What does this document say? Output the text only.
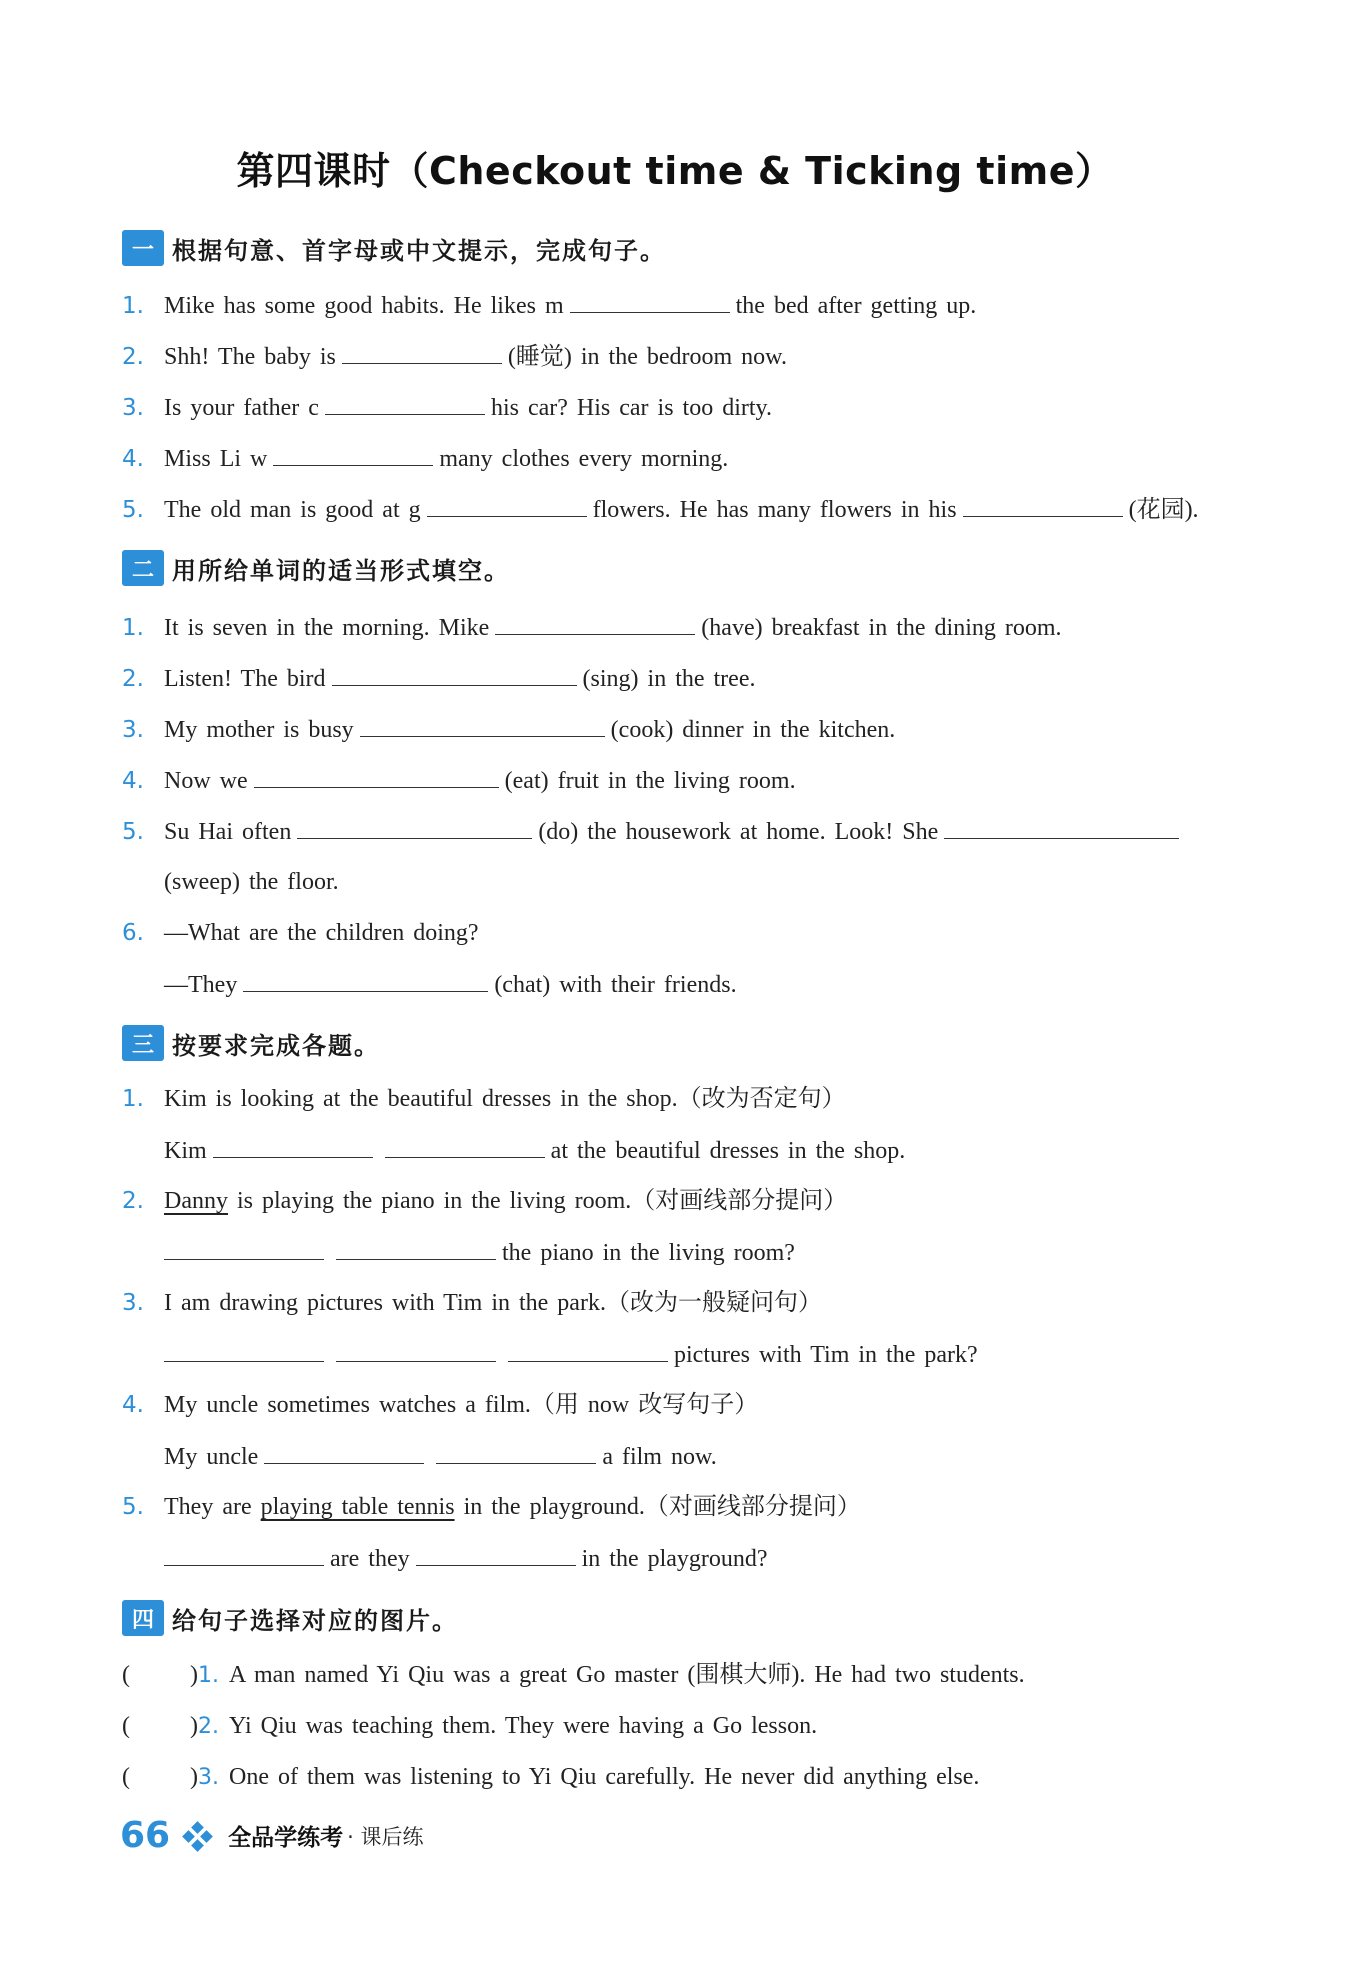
第四课时（Checkout time & Ticking time）
一 根据句意、首字母或中文提示，完成句子。
1. Mike has some good habits. He likes m	the bed after getting up.
2. Shh! The baby is	(睡觉) in the bedroom now.
3. Is your father c	his car? His car is too dirty.
4. Miss Li w	many clothes every morning.
5. The old man is good at g	flowers. He has many flowers in his	(花园).
二 用所给单词的适当形式填空。
1. It is seven in the morning. Mike	(have) breakfast in the dining room.
2. Listen! The bird	(sing) in the tree.
3. My mother is busy	(cook) dinner in the kitchen.
4. Now we	(eat) fruit in the living room.
5. Su Hai often	(do) the housework at home. Look! She
(sweep) the floor.
6. —What are the children doing?
—They	(chat) with their friends.
三 按要求完成各题。
1. Kim is looking at the beautiful dresses in the shop.（改为否定句）
Kim	at the beautiful dresses in the shop.
2. Danny is playing the piano in the living room.（对画线部分提问）
the piano in the living room?
3. I am drawing pictures with Tim in the park.（改为一般疑问句）
pictures with Tim in the park?
4. My uncle sometimes watches a film.（用 now 改写句子）
My uncle	a film now.
5. They are playing table tennis in the playground.（对画线部分提问）
are they	in the playground?
四 给句子选择对应的图片。
(	)1. A man named Yi Qiu was a great Go master (围棋大师). He had two students.
(	)2. Yi Qiu was teaching them. They were having a Go lesson.
(	)3. One of them was listening to Yi Qiu carefully. He never did anything else.
66	全品学练考 · 课后练
